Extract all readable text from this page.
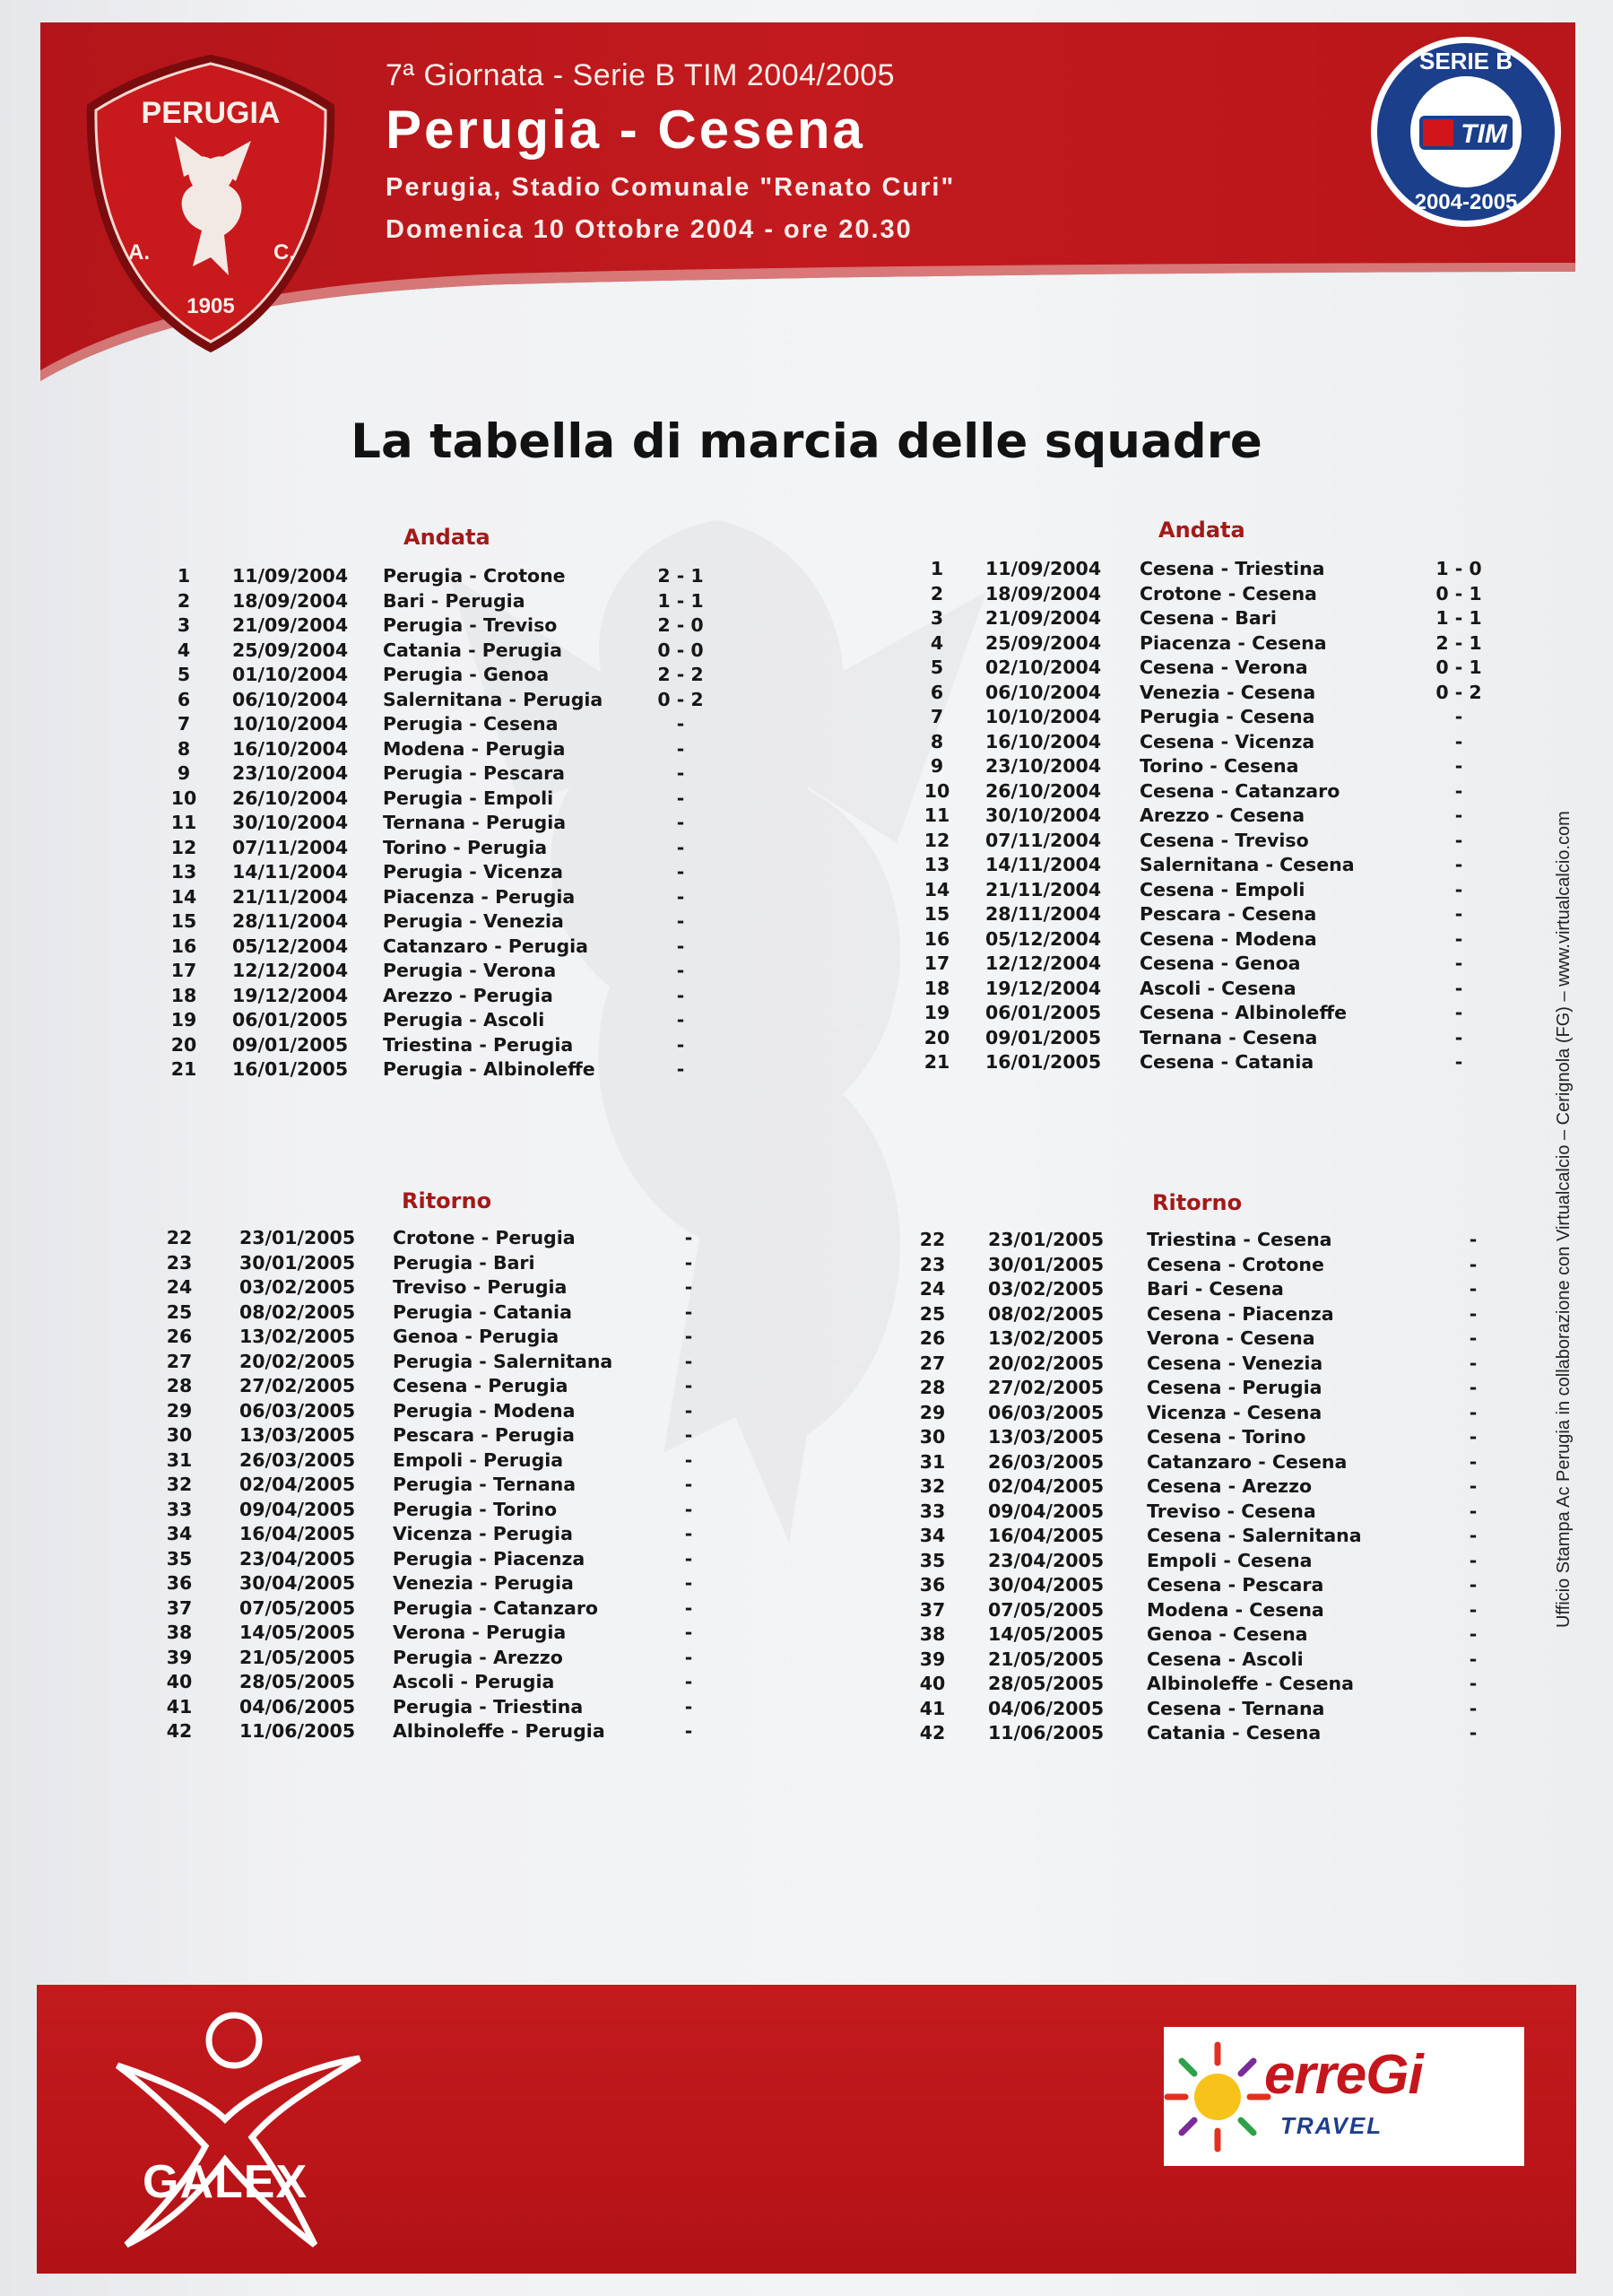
PERUGIA
A.	C.
1905
7ª Giornata - Serie B TIM 2004/2005
Perugia - Cesena
Perugia, Stadio Comunale "Renato Curi"
Domenica 10 Ottobre 2004 - ore 20.30
TIM
SERIE B
2004-2005
La tabella di marcia delle squadre
Andata	Andata
Ritorno	Ritorno
1	11/09/2004 Perugia - Crotone	2 - 1
2	18/09/2004 Bari - Perugia	1 - 1
3	21/09/2004 Perugia - Treviso	2 - 0
4	25/09/2004 Catania - Perugia	0 - 0
5	01/10/2004 Perugia - Genoa	2 - 2
6	06/10/2004 Salernitana - Perugia	0 - 2
7	10/10/2004 Perugia - Cesena	-
8	16/10/2004 Modena - Perugia	-
9	23/10/2004 Perugia - Pescara	-
10 26/10/2004 Perugia - Empoli	-
11 30/10/2004 Ternana - Perugia	-
12 07/11/2004 Torino - Perugia	-
13 14/11/2004 Perugia - Vicenza	-
14 21/11/2004 Piacenza - Perugia	-
15 28/11/2004 Perugia - Venezia	-
16 05/12/2004 Catanzaro - Perugia	-
17 12/12/2004 Perugia - Verona	-
18 19/12/2004 Arezzo - Perugia	-
19 06/01/2005 Perugia - Ascoli	-
20 09/01/2005 Triestina - Perugia	-
21 16/01/2005 Perugia - Albinoleffe	-
1	11/09/2004 Cesena - Triestina	1 - 0
2	18/09/2004 Crotone - Cesena	0 - 1
3	21/09/2004 Cesena - Bari	1 - 1
4	25/09/2004 Piacenza - Cesena	2 - 1
5	02/10/2004 Cesena - Verona	0 - 1
6	06/10/2004 Venezia - Cesena	0 - 2
7	10/10/2004 Perugia - Cesena	-
8	16/10/2004 Cesena - Vicenza	-
9	23/10/2004 Torino - Cesena	-
10 26/10/2004 Cesena - Catanzaro	-
11 30/10/2004 Arezzo - Cesena	-
12 07/11/2004 Cesena - Treviso	-
13 14/11/2004 Salernitana - Cesena	-
14 21/11/2004 Cesena - Empoli	-
15 28/11/2004 Pescara - Cesena	-
16 05/12/2004 Cesena - Modena	-
17 12/12/2004 Cesena - Genoa	-
18 19/12/2004 Ascoli - Cesena	-
19 06/01/2005 Cesena - Albinoleffe	-
20 09/01/2005 Ternana - Cesena	-
21 16/01/2005 Cesena - Catania	-
22	23/01/2005 Crotone - Perugia	-
23	30/01/2005 Perugia - Bari	-
24	03/02/2005 Treviso - Perugia	-
25	08/02/2005 Perugia - Catania	-
26	13/02/2005 Genoa - Perugia	-
27	20/02/2005 Perugia - Salernitana	-
28	27/02/2005 Cesena - Perugia	-
29	06/03/2005 Perugia - Modena	-
30	13/03/2005 Pescara - Perugia	-
31	26/03/2005 Empoli - Perugia	-
32	02/04/2005 Perugia - Ternana	-
33	09/04/2005 Perugia - Torino	-
34	16/04/2005 Vicenza - Perugia	-
35	23/04/2005 Perugia - Piacenza	-
36	30/04/2005 Venezia - Perugia	-
37	07/05/2005 Perugia - Catanzaro	-
38	14/05/2005 Verona - Perugia	-
39	21/05/2005 Perugia - Arezzo	-
40	28/05/2005 Ascoli - Perugia	-
41	04/06/2005 Perugia - Triestina	-
42	11/06/2005 Albinoleffe - Perugia	-
22 23/01/2005 Triestina - Cesena	-
23 30/01/2005 Cesena - Crotone	-
24 03/02/2005 Bari - Cesena	-
25 08/02/2005 Cesena - Piacenza	-
26 13/02/2005 Verona - Cesena	-
27 20/02/2005 Cesena - Venezia	-
28 27/02/2005 Cesena - Perugia	-
29 06/03/2005 Vicenza - Cesena	-
30 13/03/2005 Cesena - Torino	-
31 26/03/2005 Catanzaro - Cesena	-
32 02/04/2005 Cesena - Arezzo	-
33 09/04/2005 Treviso - Cesena	-
34 16/04/2005 Cesena - Salernitana	-
35 23/04/2005 Empoli - Cesena	-
36 30/04/2005 Cesena - Pescara	-
37 07/05/2005 Modena - Cesena	-
38 14/05/2005 Genoa - Cesena	-
39 21/05/2005 Cesena - Ascoli	-
40 28/05/2005 Albinoleffe - Cesena	-
41 04/06/2005 Cesena - Ternana	-
42 11/06/2005 Catania - Cesena	-
Ufficio Stampa Ac Perugia in collaborazione con Virtualcalcio – Cerignola (FG) – www.virtualcalcio.com
GALEX
erreGi
TRAVEL
